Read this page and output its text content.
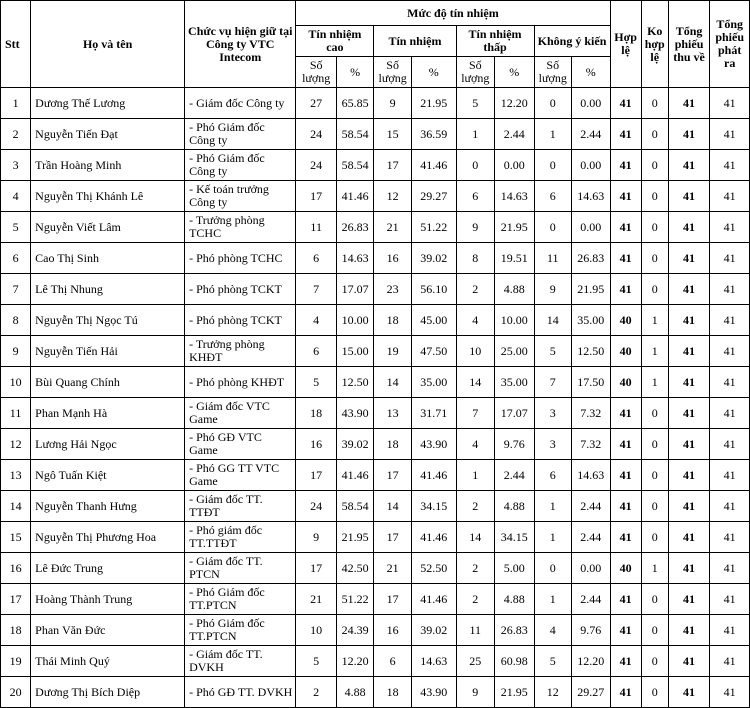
Stt	Họ và tên	Chức vụ hiện giữ tại Công ty VTC Intecom	Mức độ tín nhiệm								Hợp lệ	Ko hợp lệ	Tổng phiếu thu về	Tổng phiếu phát ra
			Tín nhiệm cao		Tín nhiệm		Tín nhiệm thấp		Không ý kiến					
			Số lượng	%	Số lượng	%	Số lượng	%	Số lượng	%				
1	Dương Thế Lương	- Giám đốc Công ty	27	65.85	9	21.95	5	12.20	0	0.00	41	0	41	41
2	Nguyễn Tiến Đạt	- Phó Giám đốc Công ty	24	58.54	15	36.59	1	2.44	1	2.44	41	0	41	41
3	Trần Hoàng Minh	- Phó Giám đốc Công ty	24	58.54	17	41.46	0	0.00	0	0.00	41	0	41	41
4	Nguyễn Thị Khánh Lê	- Kế toán trưởng Công ty	17	41.46	12	29.27	6	14.63	6	14.63	41	0	41	41
5	Nguyễn Viết Lâm	- Trưởng phòng TCHC	11	26.83	21	51.22	9	21.95	0	0.00	41	0	41	41
6	Cao Thị Sinh	- Phó phòng TCHC	6	14.63	16	39.02	8	19.51	11	26.83	41	0	41	41
7	Lê Thị Nhung	- Phó phòng TCKT	7	17.07	23	56.10	2	4.88	9	21.95	41	0	41	41
8	Nguyễn Thị Ngọc Tú	- Phó phòng TCKT	4	10.00	18	45.00	4	10.00	14	35.00	40	1	41	41
9	Nguyễn Tiến Hải	- Trưởng phòng KHĐT	6	15.00	19	47.50	10	25.00	5	12.50	40	1	41	41
10	Bùi Quang Chính	- Phó phòng KHĐT	5	12.50	14	35.00	14	35.00	7	17.50	40	1	41	41
11	Phan Mạnh Hà	- Giám đốc VTC Game	18	43.90	13	31.71	7	17.07	3	7.32	41	0	41	41
12	Lương Hải Ngọc	- Phó GĐ VTC Game	16	39.02	18	43.90	4	9.76	3	7.32	41	0	41	41
13	Ngô Tuấn Kiệt	- Phó GG TT VTC Game	17	41.46	17	41.46	1	2.44	6	14.63	41	0	41	41
14	Nguyễn Thanh Hưng	- Giám đốc TT. TTĐT	24	58.54	14	34.15	2	4.88	1	2.44	41	0	41	41
15	Nguyễn Thị Phương Hoa	- Phó giám đốc TT.TTĐT	9	21.95	17	41.46	14	34.15	1	2.44	41	0	41	41
16	Lê Đức Trung	- Giám đốc TT. PTCN	17	42.50	21	52.50	2	5.00	0	0.00	40	1	41	41
17	Hoàng Thành Trung	- Phó Giám đốc TT.PTCN	21	51.22	17	41.46	2	4.88	1	2.44	41	0	41	41
18	Phan Văn Đức	- Phó Giám đốc TT.PTCN	10	24.39	16	39.02	11	26.83	4	9.76	41	0	41	41
19	Thái Minh Quý	- Giám đốc TT. DVKH	5	12.20	6	14.63	25	60.98	5	12.20	41	0	41	41
20	Dương Thị Bích Diệp	- Phó GĐ TT. DVKH	2	4.88	18	43.90	9	21.95	12	29.27	41	0	41	41
